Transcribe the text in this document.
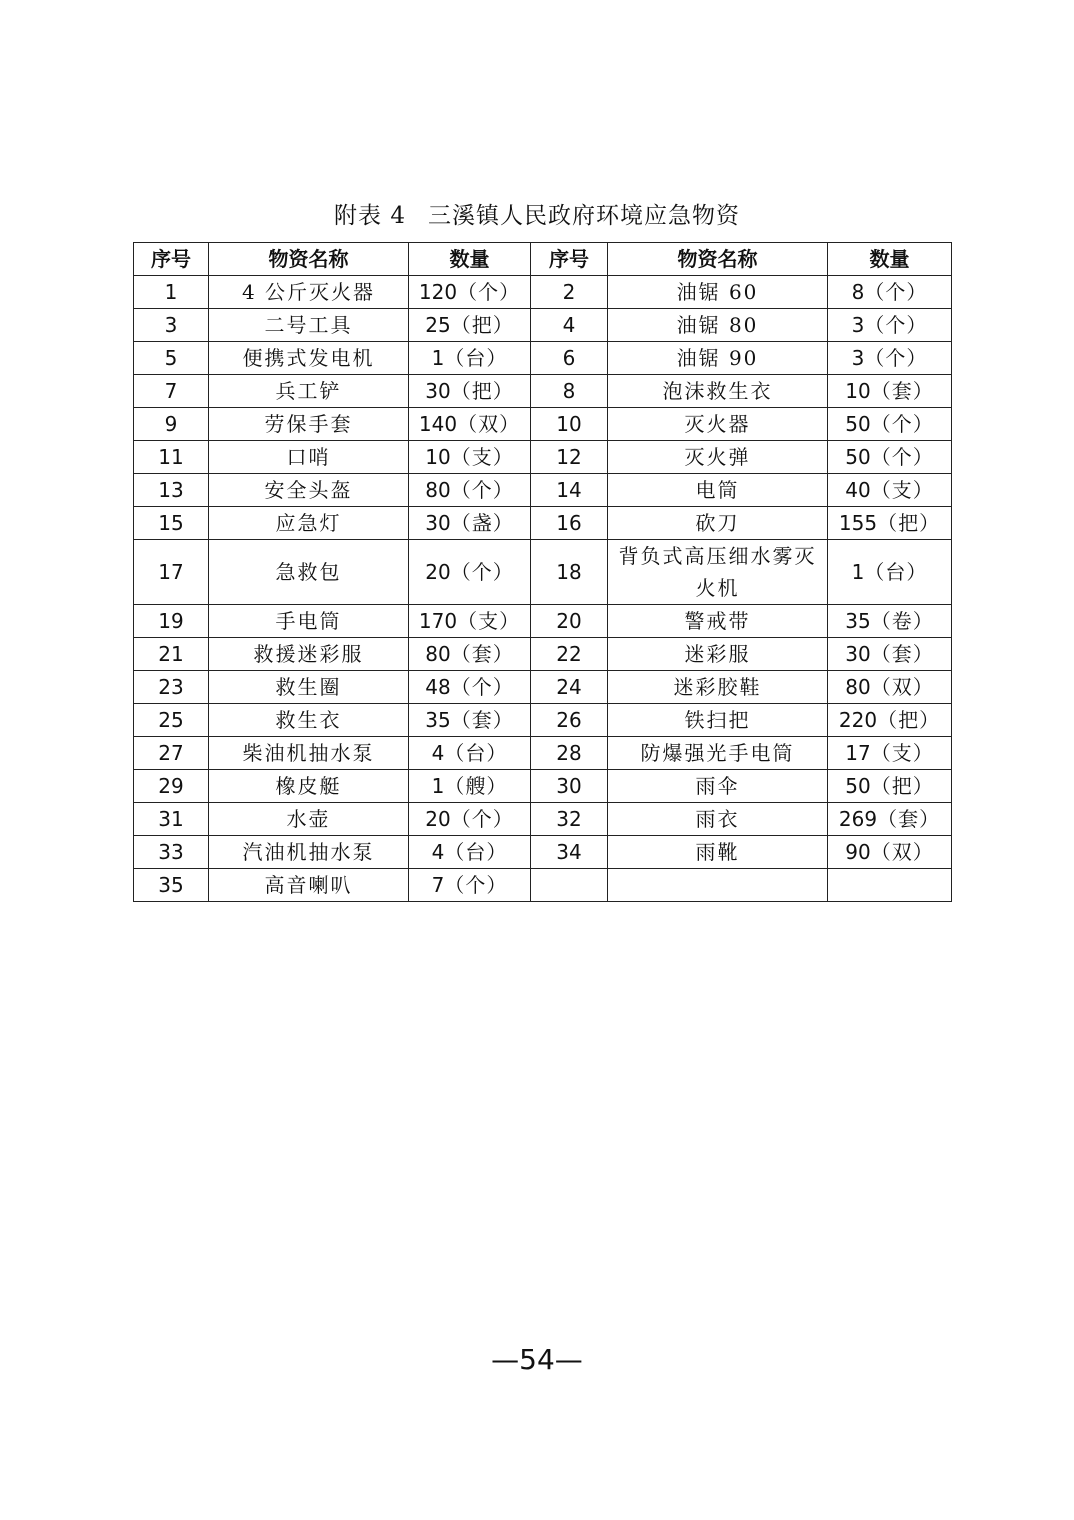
附表 4 三溪镇人民政府环境应急物资
序号	物资名称	数量	序号	物资名称	数量
1	4 公斤灭火器	120（个）	2	油锯 60	8（个）
3	二号工具	25（把）	4	油锯 80	3（个）
5	便携式发电机	1（台）	6	油锯 90	3（个）
7	兵工铲	30（把）	8	泡沫救生衣	10（套）
9	劳保手套	140（双）	10	灭火器	50（个）
11	口哨	10（支）	12	灭火弹	50（个）
13	安全头盔	80（个）	14	电筒	40（支）
15	应急灯	30（盏）	16	砍刀	155（把）
17	急救包	20（个）	18	背负式高压细水雾灭火机	1（台）
19	手电筒	170（支）	20	警戒带	35（卷）
21	救援迷彩服	80（套）	22	迷彩服	30（套）
23	救生圈	48（个）	24	迷彩胶鞋	80（双）
25	救生衣	35（套）	26	铁扫把	220（把）
27	柴油机抽水泵	4（台）	28	防爆强光手电筒	17（支）
29	橡皮艇	1（艘）	30	雨伞	50（把）
31	水壶	20（个）	32	雨衣	269（套）
33	汽油机抽水泵	4（台）	34	雨靴	90（双）
35	高音喇叭	7（个）			
—54—
